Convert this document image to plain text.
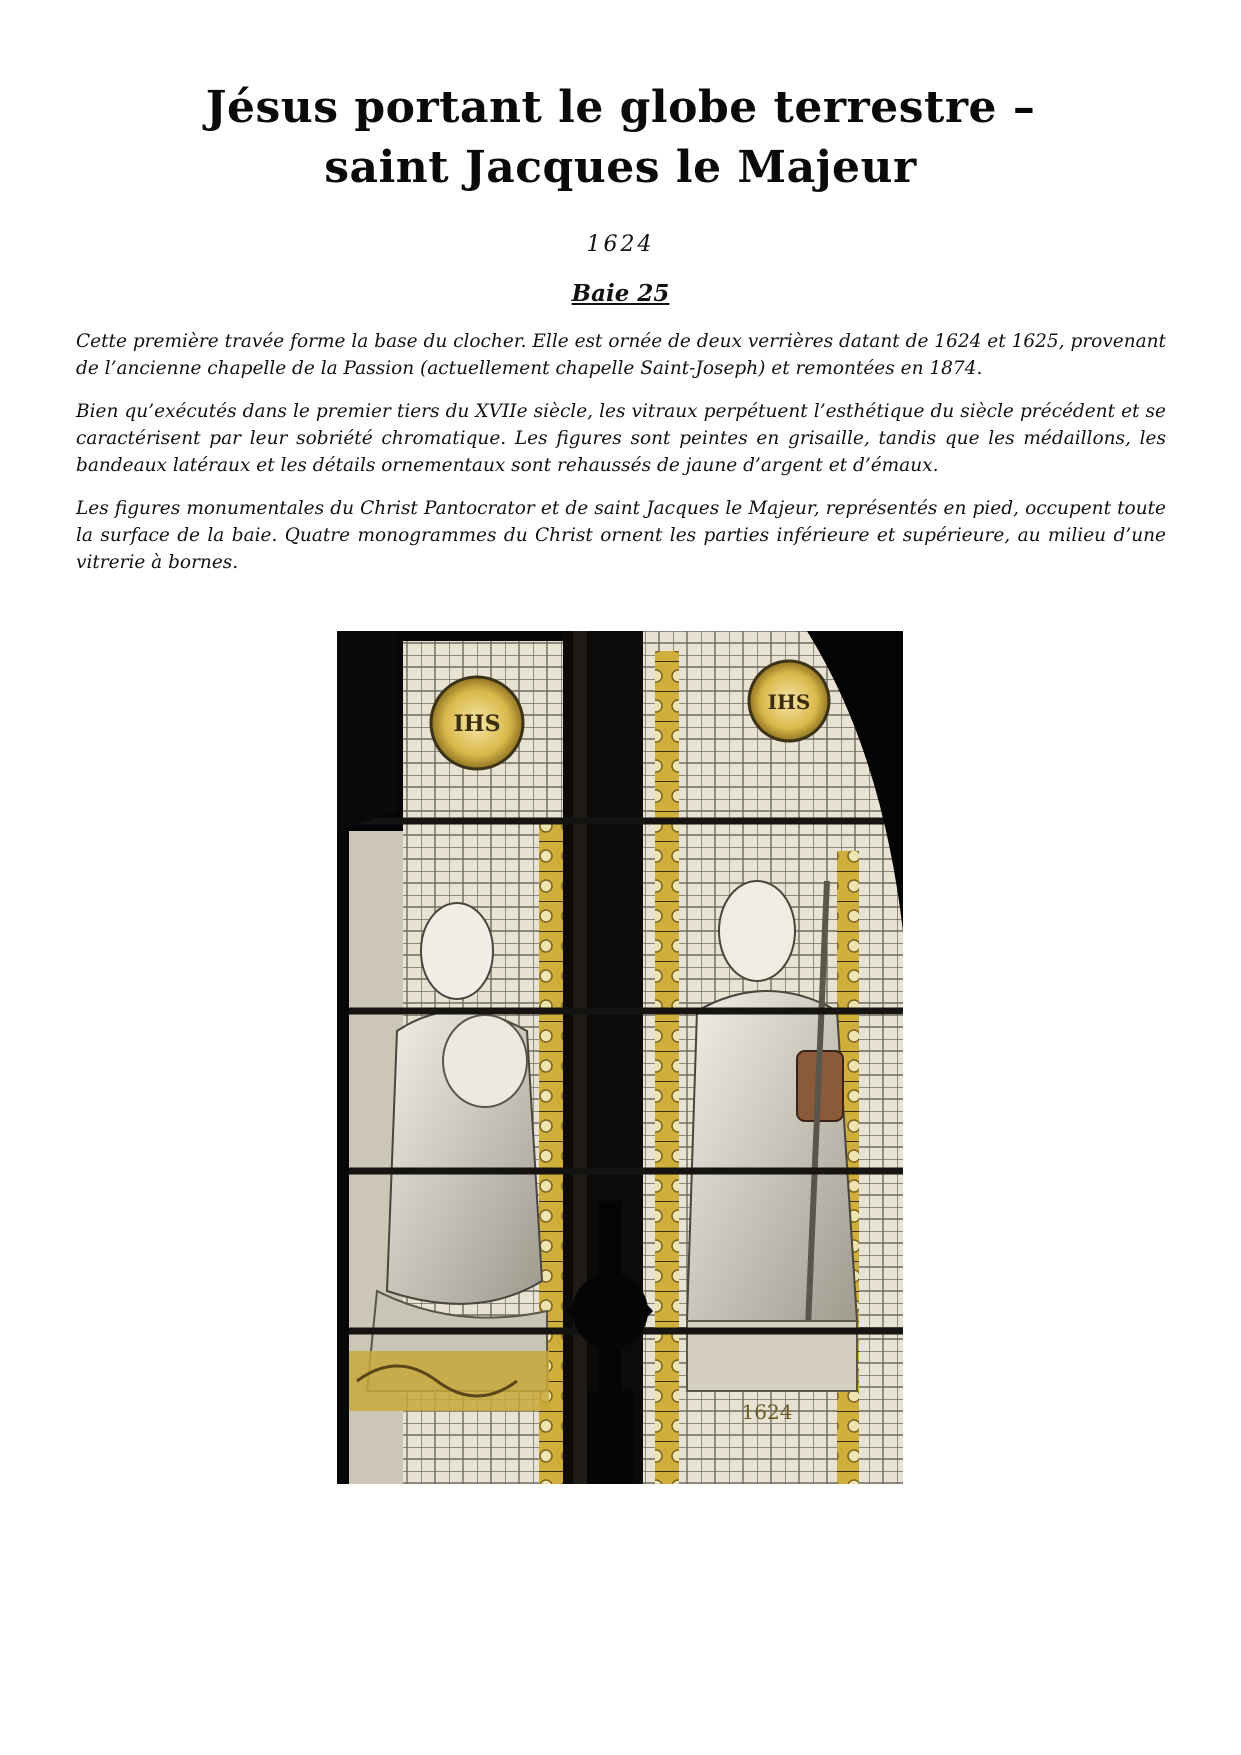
Jésus portant le globe terrestre –
saint Jacques le Majeur
1624
Baie 25

Cette première travée forme la base du clocher. Elle est ornée de deux verrières datant de 1624 et 1625, provenant de l’ancienne chapelle de la Passion (actuellement chapelle Saint-Joseph) et remontées en 1874.

Bien qu’exécutés dans le premier tiers du XVIIe siècle, les vitraux perpétuent l’esthétique du siècle précédent et se caractérisent par leur sobriété chromatique. Les figures sont peintes en grisaille, tandis que les médaillons, les bandeaux latéraux et les détails ornementaux sont rehaussés de jaune d’argent et d’émaux.

Les figures monumentales du Christ Pantocrator et de saint Jacques le Majeur, représentés en pied, occupent toute la surface de la baie. Quatre monogrammes du Christ ornent les parties inférieure et supérieure, au milieu d’une vitrerie à bornes.

IHS
IHS
1624
